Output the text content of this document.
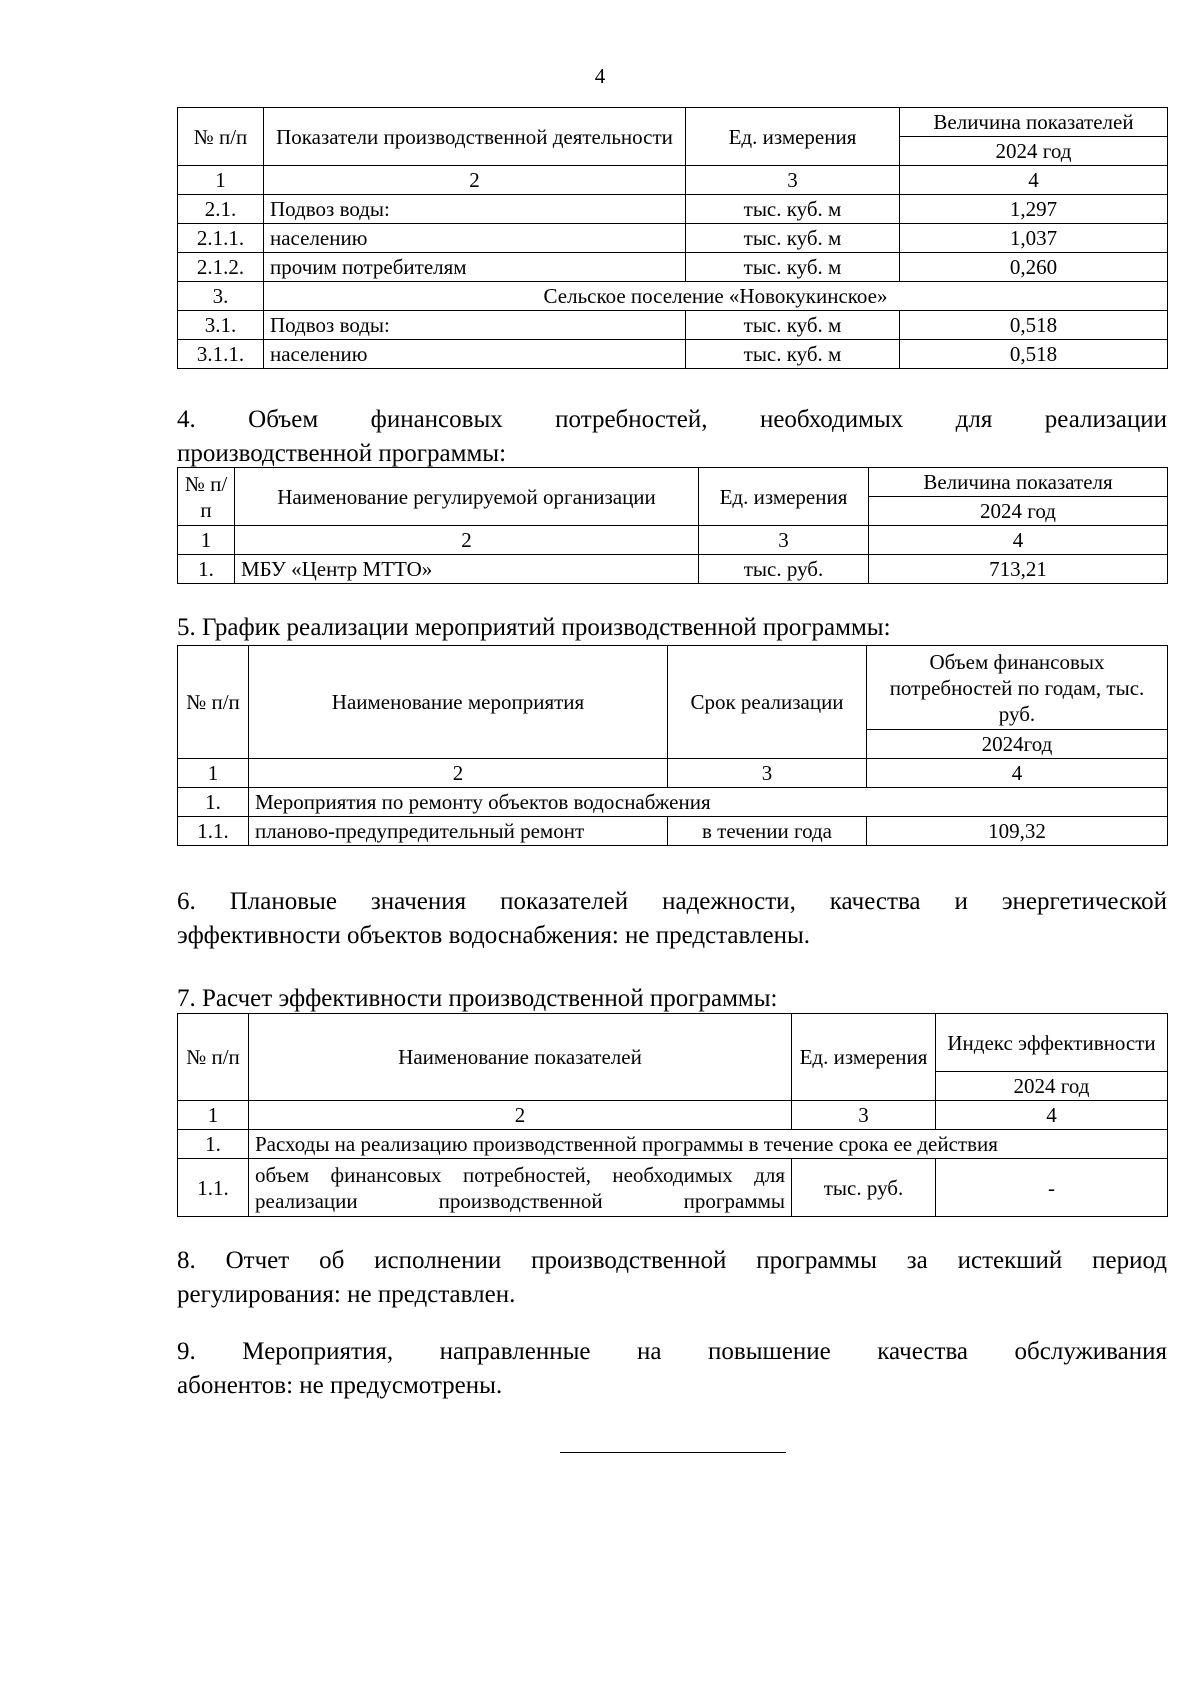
4
№ п/п	Показатели производственной деятельности	Ед. измерения	Величина показателей
			2024 год
1	2	3	4
2.1.	Подвоз воды:	тыс. куб. м	1,297
2.1.1.	населению	тыс. куб. м	1,037
2.1.2.	прочим потребителям	тыс. куб. м	0,260
3.	Сельское поселение «Новокукинское»		
3.1.	Подвоз воды:	тыс. куб. м	0,518
3.1.1.	населению	тыс. куб. м	0,518
4. Объем финансовых потребностей, необходимых для реализации
производственной программы:
№ п/п	Наименование регулируемой организации	Ед. измерения	Величина показателя
			2024 год
1	2	3	4
1.	МБУ «Центр МТТО»	тыс. руб.	713,21
5. График реализации мероприятий производственной программы:
№ п/п	Наименование мероприятия	Срок реализации	Объем финансовых потребностей по годам, тыс. руб.
			2024год
1	2	3	4
1.	Мероприятия по ремонту объектов водоснабжения		
1.1.	планово-предупредительный ремонт	в течении года	109,32
6. Плановые значения показателей надежности, качества и энергетической
эффективности объектов водоснабжения: не представлены.
7. Расчет эффективности производственной программы:
№ п/п	Наименование показателей	Ед. измерения	Индекс эффективности
			2024 год
1	2	3	4
1.	Расходы на реализацию производственной программы в течение срока ее действия		
1.1.	объем финансовых потребностей, необходимых для реализации производственной программы	тыс. руб.	-
8. Отчет об исполнении производственной программы за истекший период
регулирования: не представлен.
9. Мероприятия, направленные на повышение качества обслуживания
абонентов: не предусмотрены.
